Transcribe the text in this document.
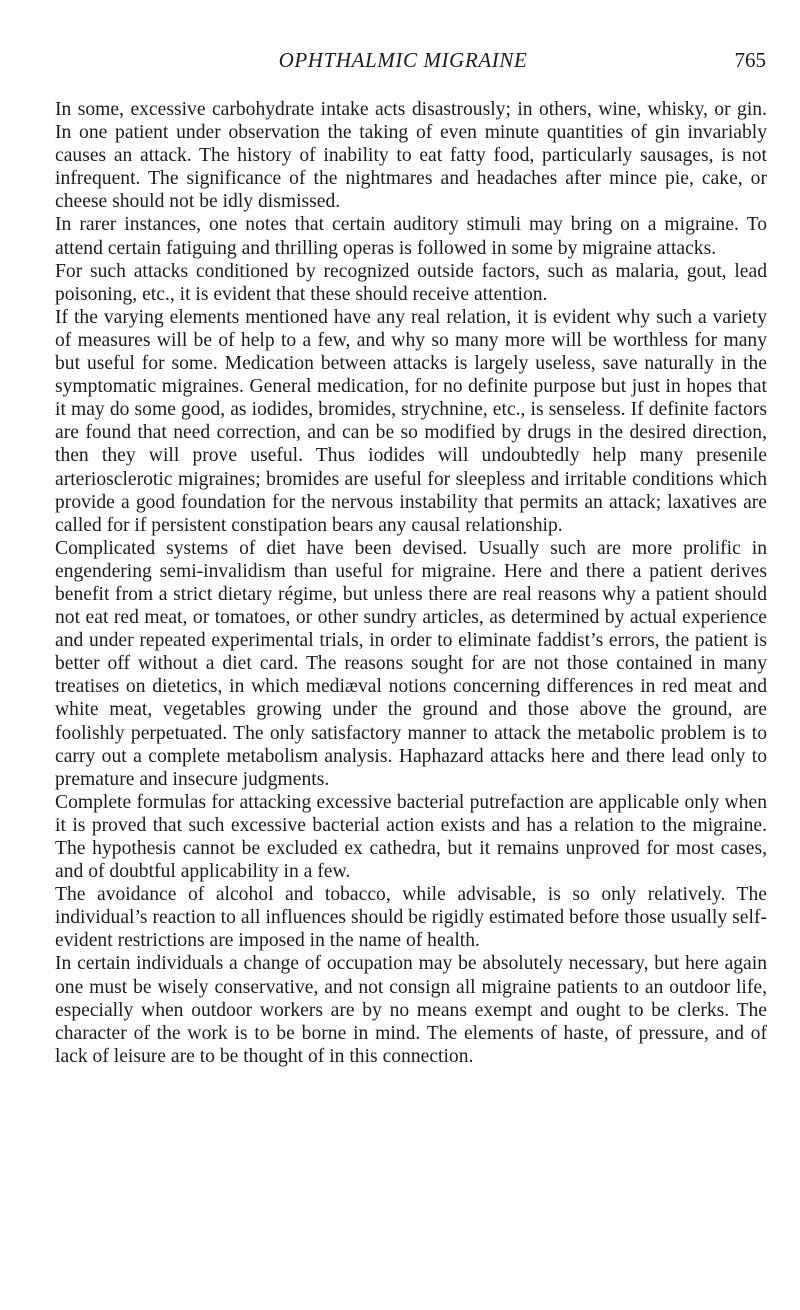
OPHTHALMIC MIGRAINE	765

In some, excessive carbohydrate intake acts disastrously; in others, wine, whisky, or gin. In one patient under observation the taking of even minute quantities of gin invariably causes an attack. The history of inability to eat fatty food, particularly sausages, is not infrequent. The significance of the nightmares and headaches after mince pie, cake, or cheese should not be idly dismissed.

In rarer instances, one notes that certain auditory stimuli may bring on a migraine. To attend certain fatiguing and thrilling operas is followed in some by migraine attacks.

For such attacks conditioned by recognized outside factors, such as malaria, gout, lead poisoning, etc., it is evident that these should receive attention.

If the varying elements mentioned have any real relation, it is evident why such a variety of measures will be of help to a few, and why so many more will be worthless for many but useful for some. Medication between attacks is largely useless, save naturally in the symptomatic migraines. General medication, for no definite purpose but just in hopes that it may do some good, as iodides, bromides, strychnine, etc., is senseless. If definite factors are found that need correction, and can be so modified by drugs in the desired direction, then they will prove useful. Thus iodides will undoubtedly help many presenile arteriosclerotic migraines; bromides are useful for sleepless and irritable conditions which provide a good foundation for the nervous instability that permits an attack; laxatives are called for if persistent constipation bears any causal relationship.

Complicated systems of diet have been devised. Usually such are more prolific in engendering semi-invalidism than useful for migraine. Here and there a patient derives benefit from a strict dietary régime, but unless there are real reasons why a patient should not eat red meat, or tomatoes, or other sundry articles, as determined by actual experience and under repeated experimental trials, in order to eliminate faddist’s errors, the patient is better off without a diet card. The reasons sought for are not those contained in many treatises on dietetics, in which mediæval notions concerning differences in red meat and white meat, vegetables growing under the ground and those above the ground, are foolishly perpetuated. The only satisfactory manner to attack the metabolic problem is to carry out a complete metabolism analysis. Haphazard attacks here and there lead only to premature and insecure judgments.

Complete formulas for attacking excessive bacterial putrefaction are applicable only when it is proved that such excessive bacterial action exists and has a relation to the migraine. The hypothesis cannot be excluded ex cathedra, but it remains unproved for most cases, and of doubtful applicability in a few.

The avoidance of alcohol and tobacco, while advisable, is so only relatively. The individual’s reaction to all influences should be rigidly estimated before those usually self-evident restrictions are imposed in the name of health.

In certain individuals a change of occupation may be absolutely necessary, but here again one must be wisely conservative, and not consign all migraine patients to an outdoor life, especially when outdoor workers are by no means exempt and ought to be clerks. The character of the work is to be borne in mind. The elements of haste, of pressure, and of lack of leisure are to be thought of in this connection.
